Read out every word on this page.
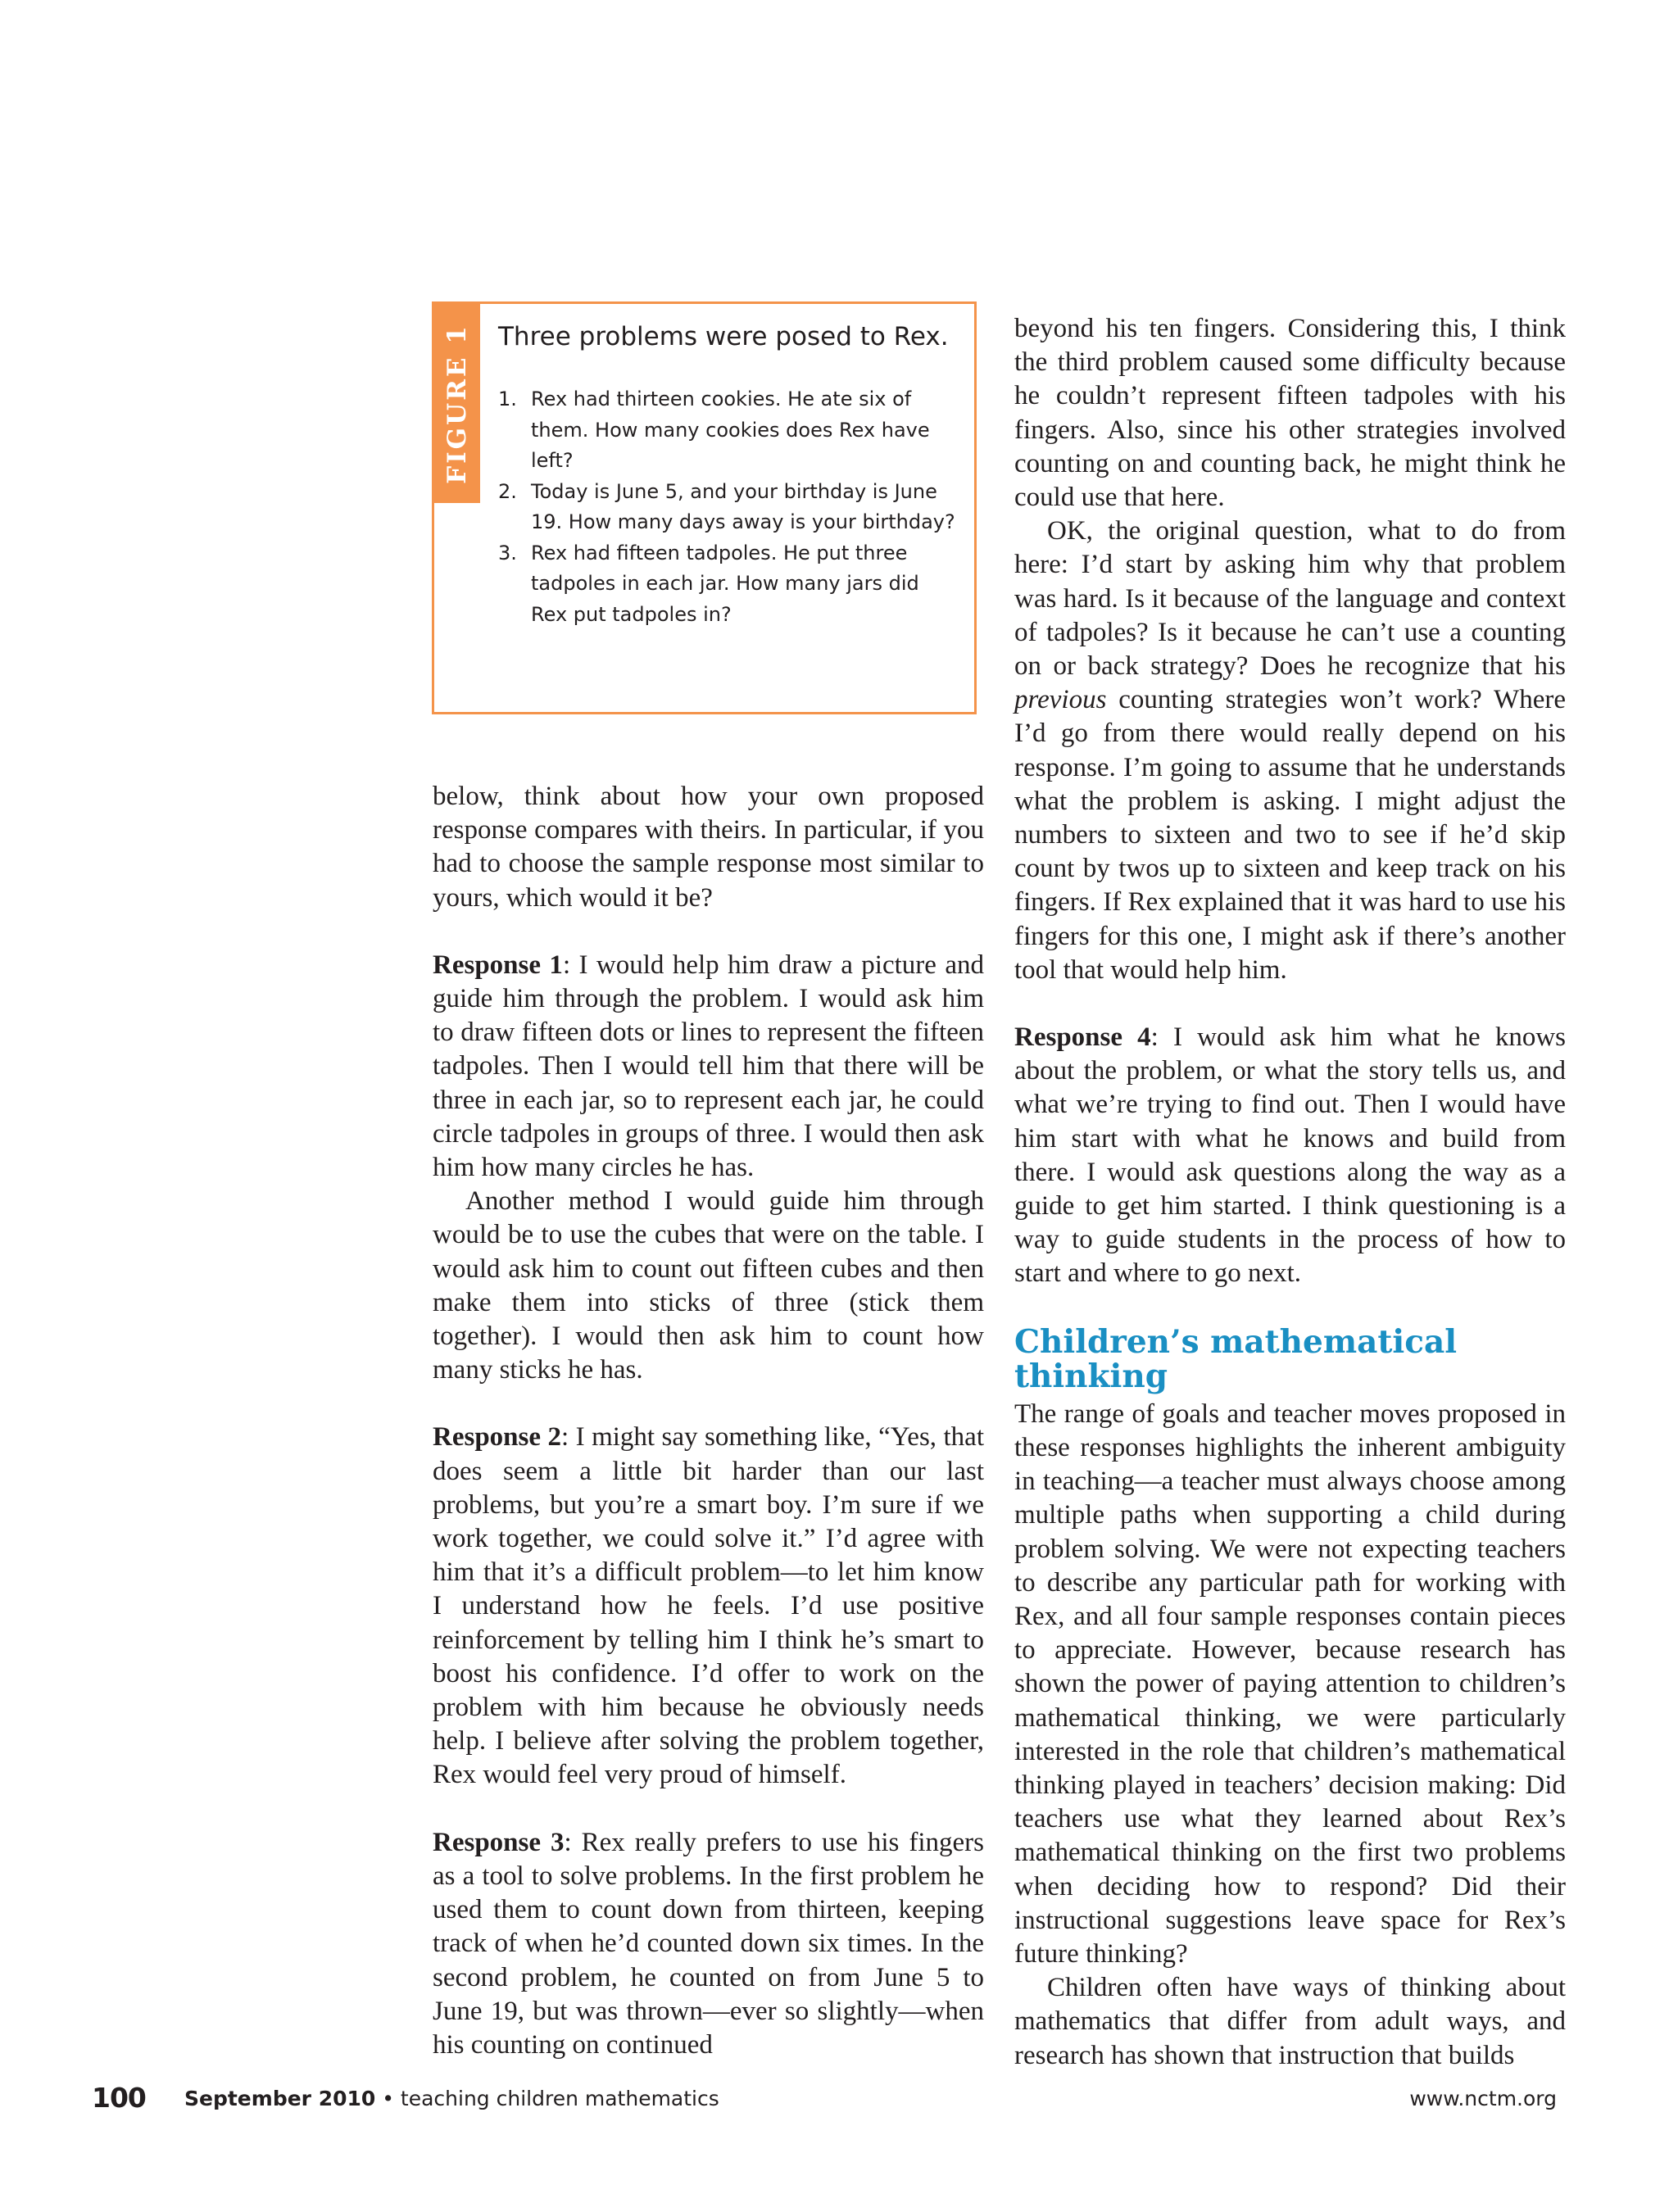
FIGURE 1 Three problems were posed to Rex.
1. Rex had thirteen cookies. He ate six of them. How many cookies does Rex have left?
2. Today is June 5, and your birthday is June 19. How many days away is your birthday?
3. Rex had fifteen tadpoles. He put three tadpoles in each jar. How many jars did Rex put tadpoles in?

below, think about how your own proposed response compares with theirs. In particular, if you had to choose the sample response most similar to yours, which would it be?

Response 1: I would help him draw a picture and guide him through the problem. I would ask him to draw fifteen dots or lines to represent the fifteen tadpoles. Then I would tell him that there will be three in each jar, so to represent each jar, he could circle tadpoles in groups of three. I would then ask him how many circles he has.

Another method I would guide him through would be to use the cubes that were on the table. I would ask him to count out fifteen cubes and then make them into sticks of three (stick them together). I would then ask him to count how many sticks he has.

Response 2: I might say something like, “Yes, that does seem a little bit harder than our last problems, but you’re a smart boy. I’m sure if we work together, we could solve it.” I’d agree with him that it’s a difficult problem—to let him know I understand how he feels. I’d use positive reinforcement by telling him I think he’s smart to boost his confidence. I’d offer to work on the problem with him because he obviously needs help. I believe after solving the problem together, Rex would feel very proud of himself.

Response 3: Rex really prefers to use his fingers as a tool to solve problems. In the first problem he used them to count down from thirteen, keeping track of when he’d counted down six times. In the second problem, he counted on from June 5 to June 19, but was thrown—ever so slightly—when his counting on continued

beyond his ten fingers. Considering this, I think the third problem caused some difficulty because he couldn’t represent fifteen tadpoles with his fingers. Also, since his other strategies involved counting on and counting back, he might think he could use that here.

OK, the original question, what to do from here: I’d start by asking him why that problem was hard. Is it because of the language and context of tadpoles? Is it because he can’t use a counting on or back strategy? Does he recognize that his previous counting strategies won’t work? Where I’d go from there would really depend on his response. I’m going to assume that he understands what the problem is asking. I might adjust the numbers to sixteen and two to see if he’d skip count by twos up to sixteen and keep track on his fingers. If Rex explained that it was hard to use his fingers for this one, I might ask if there’s another tool that would help him.

Response 4: I would ask him what he knows about the problem, or what the story tells us, and what we’re trying to find out. Then I would have him start with what he knows and build from there. I would ask questions along the way as a guide to get him started. I think questioning is a way to guide students in the process of how to start and where to go next.

Children’s mathematical thinking

The range of goals and teacher moves proposed in these responses highlights the inherent ambiguity in teaching—a teacher must always choose among multiple paths when supporting a child during problem solving. We were not expecting teachers to describe any particular path for working with Rex, and all four sample responses contain pieces to appreciate. However, because research has shown the power of paying attention to children’s mathematical thinking, we were particularly interested in the role that children’s mathematical thinking played in teachers’ decision making: Did teachers use what they learned about Rex’s mathematical thinking on the first two problems when deciding how to respond? Did their instructional suggestions leave space for Rex’s future thinking?

Children often have ways of thinking about mathematics that differ from adult ways, and research has shown that instruction that builds

100 September 2010 • teaching children mathematics	www.nctm.org
